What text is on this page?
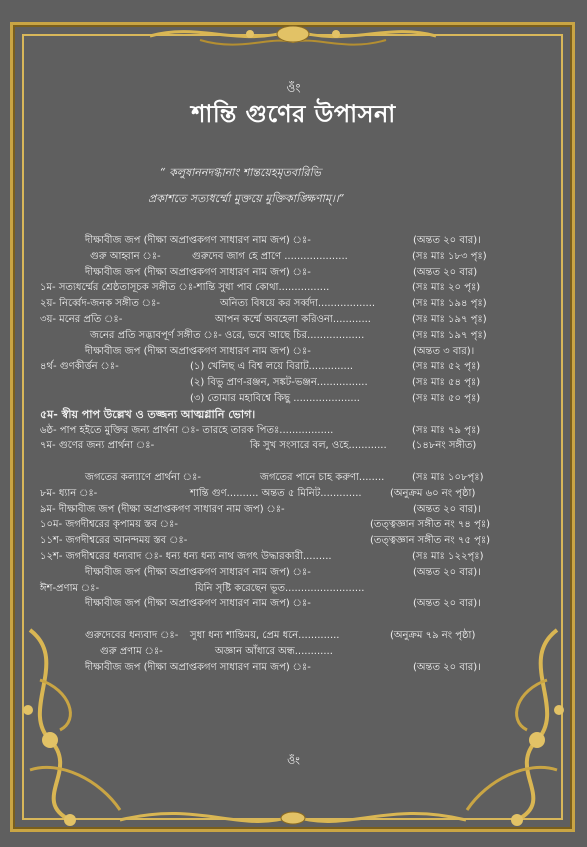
ওঁং
শান্তি গুণের উপাসনা
“ কলুষাননদগ্ধানাং শান্তয়েহমৃতবারিভি
প্রকাশতে সত্যধর্ম্মো মুক্তয়ে মুক্তিকাঙ্ক্ষিণাম্।।”
দীক্ষাবীজ জপ (দীক্ষা অপ্রাপ্তকগণ সাধারণ নাম জপ) ঃ-	(অন্তত ২০ বার)।
গুরু আহ্বান ঃ-	গুরুদেব জাগ হে প্রাণে ....................	(সঃ মাঃ ১৮৩ পৃঃ)
দীক্ষাবীজ জপ (দীক্ষা অপ্রাপ্তকগণ সাধারণ নাম জপ) ঃ-	(অন্তত ২০ বার)
১ম- সত্যধর্ম্মের শ্রেষ্ঠতাসূচক সঙ্গীত ঃ-শান্তি সুধা পাব কোথা................	(সঃ মাঃ ২০ পৃঃ)
২য়- নির্ব্বেদ-জনক সঙ্গীত ঃ-	অনিত্য বিষয়ে কর সর্ব্বদা..................	(সঃ মাঃ ১৯৪ পৃঃ)
৩য়- মনের প্রতি ঃ-	আপন কর্ম্মে অবহেলা করিওনা............	(সঃ মাঃ ১৯৭ পৃঃ)
জনের প্রতি সদ্ভাবপূর্ণ সঙ্গীত ঃ- ওরে, ভবে আছে চির..................	(সঃ মাঃ ১৯৭ পৃঃ)
দীক্ষাবীজ জপ (দীক্ষা অপ্রাপ্তকগণ সাধারণ নাম জপ) ঃ-	(অন্তত ৩ বার)।
৪র্থ- গুণকীর্ত্তন ঃ-	(১) খেলিছ এ বিশ্ব লয়ে বিরাট..............	(সঃ মাঃ ৫২ পৃঃ)
(২) বিভু প্রাণ-রঞ্জন, সঙ্কট-ভঞ্জন................	(সঃ মাঃ ৫৪ পৃঃ)
(৩) তোমার মহাবিশ্বে কিছু .....................	(সঃ মাঃ ৫০ পৃঃ)
৫ম- স্বীয় পাপ উল্লেখ ও তজ্জন্য আত্মগ্লানি ভোগ।
৬ষ্ঠ- পাপ হইতে মুক্তির জন্য প্রার্থনা ঃ- তারহে তারক পিতঃ.................	(সঃ মাঃ ৭৯ পৃঃ)
৭ম- গুণের জন্য প্রার্থনা ঃ-	কি সুখ সংসারে বল, ওহে............	(১৪৮নং সঙ্গীত)
জগতের কল্যাণে প্রার্থনা ঃ-	জগতের পানে চাহ করুণা........	(সঃ মাঃ ১০৮পৃঃ)
৮ম- ধ্যান ঃ-	শান্তি গুণ.......... অন্তত ৫ মিনিট.............	(অনুক্রম ৬০ নং পৃষ্ঠা)
৯ম- দীক্ষাবীজ জপ (দীক্ষা অপ্রাপ্তকগণ সাধারণ নাম জপ) ঃ-	(অন্তত ২০ বার)।
১০ম- জগদীশ্বরের কৃপাময় স্তব ঃ-	(তত্ত্বজ্ঞান সঙ্গীত নং ৭৪ পৃঃ)
১১শ- জগদীশ্বরের আনন্দময় স্তব ঃ-	(তত্ত্বজ্ঞান সঙ্গীত নং ৭৫ পৃঃ)
১২শ- জগদীশ্বরের ধন্যবাদ ঃ- ধন্য ধন্য ধন্য নাথ জগৎ উদ্ধারকারী.........	(সঃ মাঃ ১২২পৃঃ)
দীক্ষাবীজ জপ (দীক্ষা অপ্রাপ্তকগণ সাধারণ নাম জপ) ঃ-	(অন্তত ২০ বার)।
ঈশ-প্রণাম ঃ-	যিনি সৃষ্টি করেছেন ভূত.........................
দীক্ষাবীজ জপ (দীক্ষা অপ্রাপ্তকগণ সাধারণ নাম জপ) ঃ-	(অন্তত ২০ বার)।
গুরুদেবের ধন্যবাদ ঃ- সুধা ধন্য শান্তিময়, প্রেম ধনে.............	(অনুক্রম ৭৯ নং পৃষ্ঠা)
গুরু প্রণাম ঃ-	অজ্ঞান আঁধারে অন্ধ............
দীক্ষাবীজ জপ (দীক্ষা অপ্রাপ্তকগণ সাধারণ নাম জপ) ঃ-	(অন্তত ২০ বার)।
ওঁং
